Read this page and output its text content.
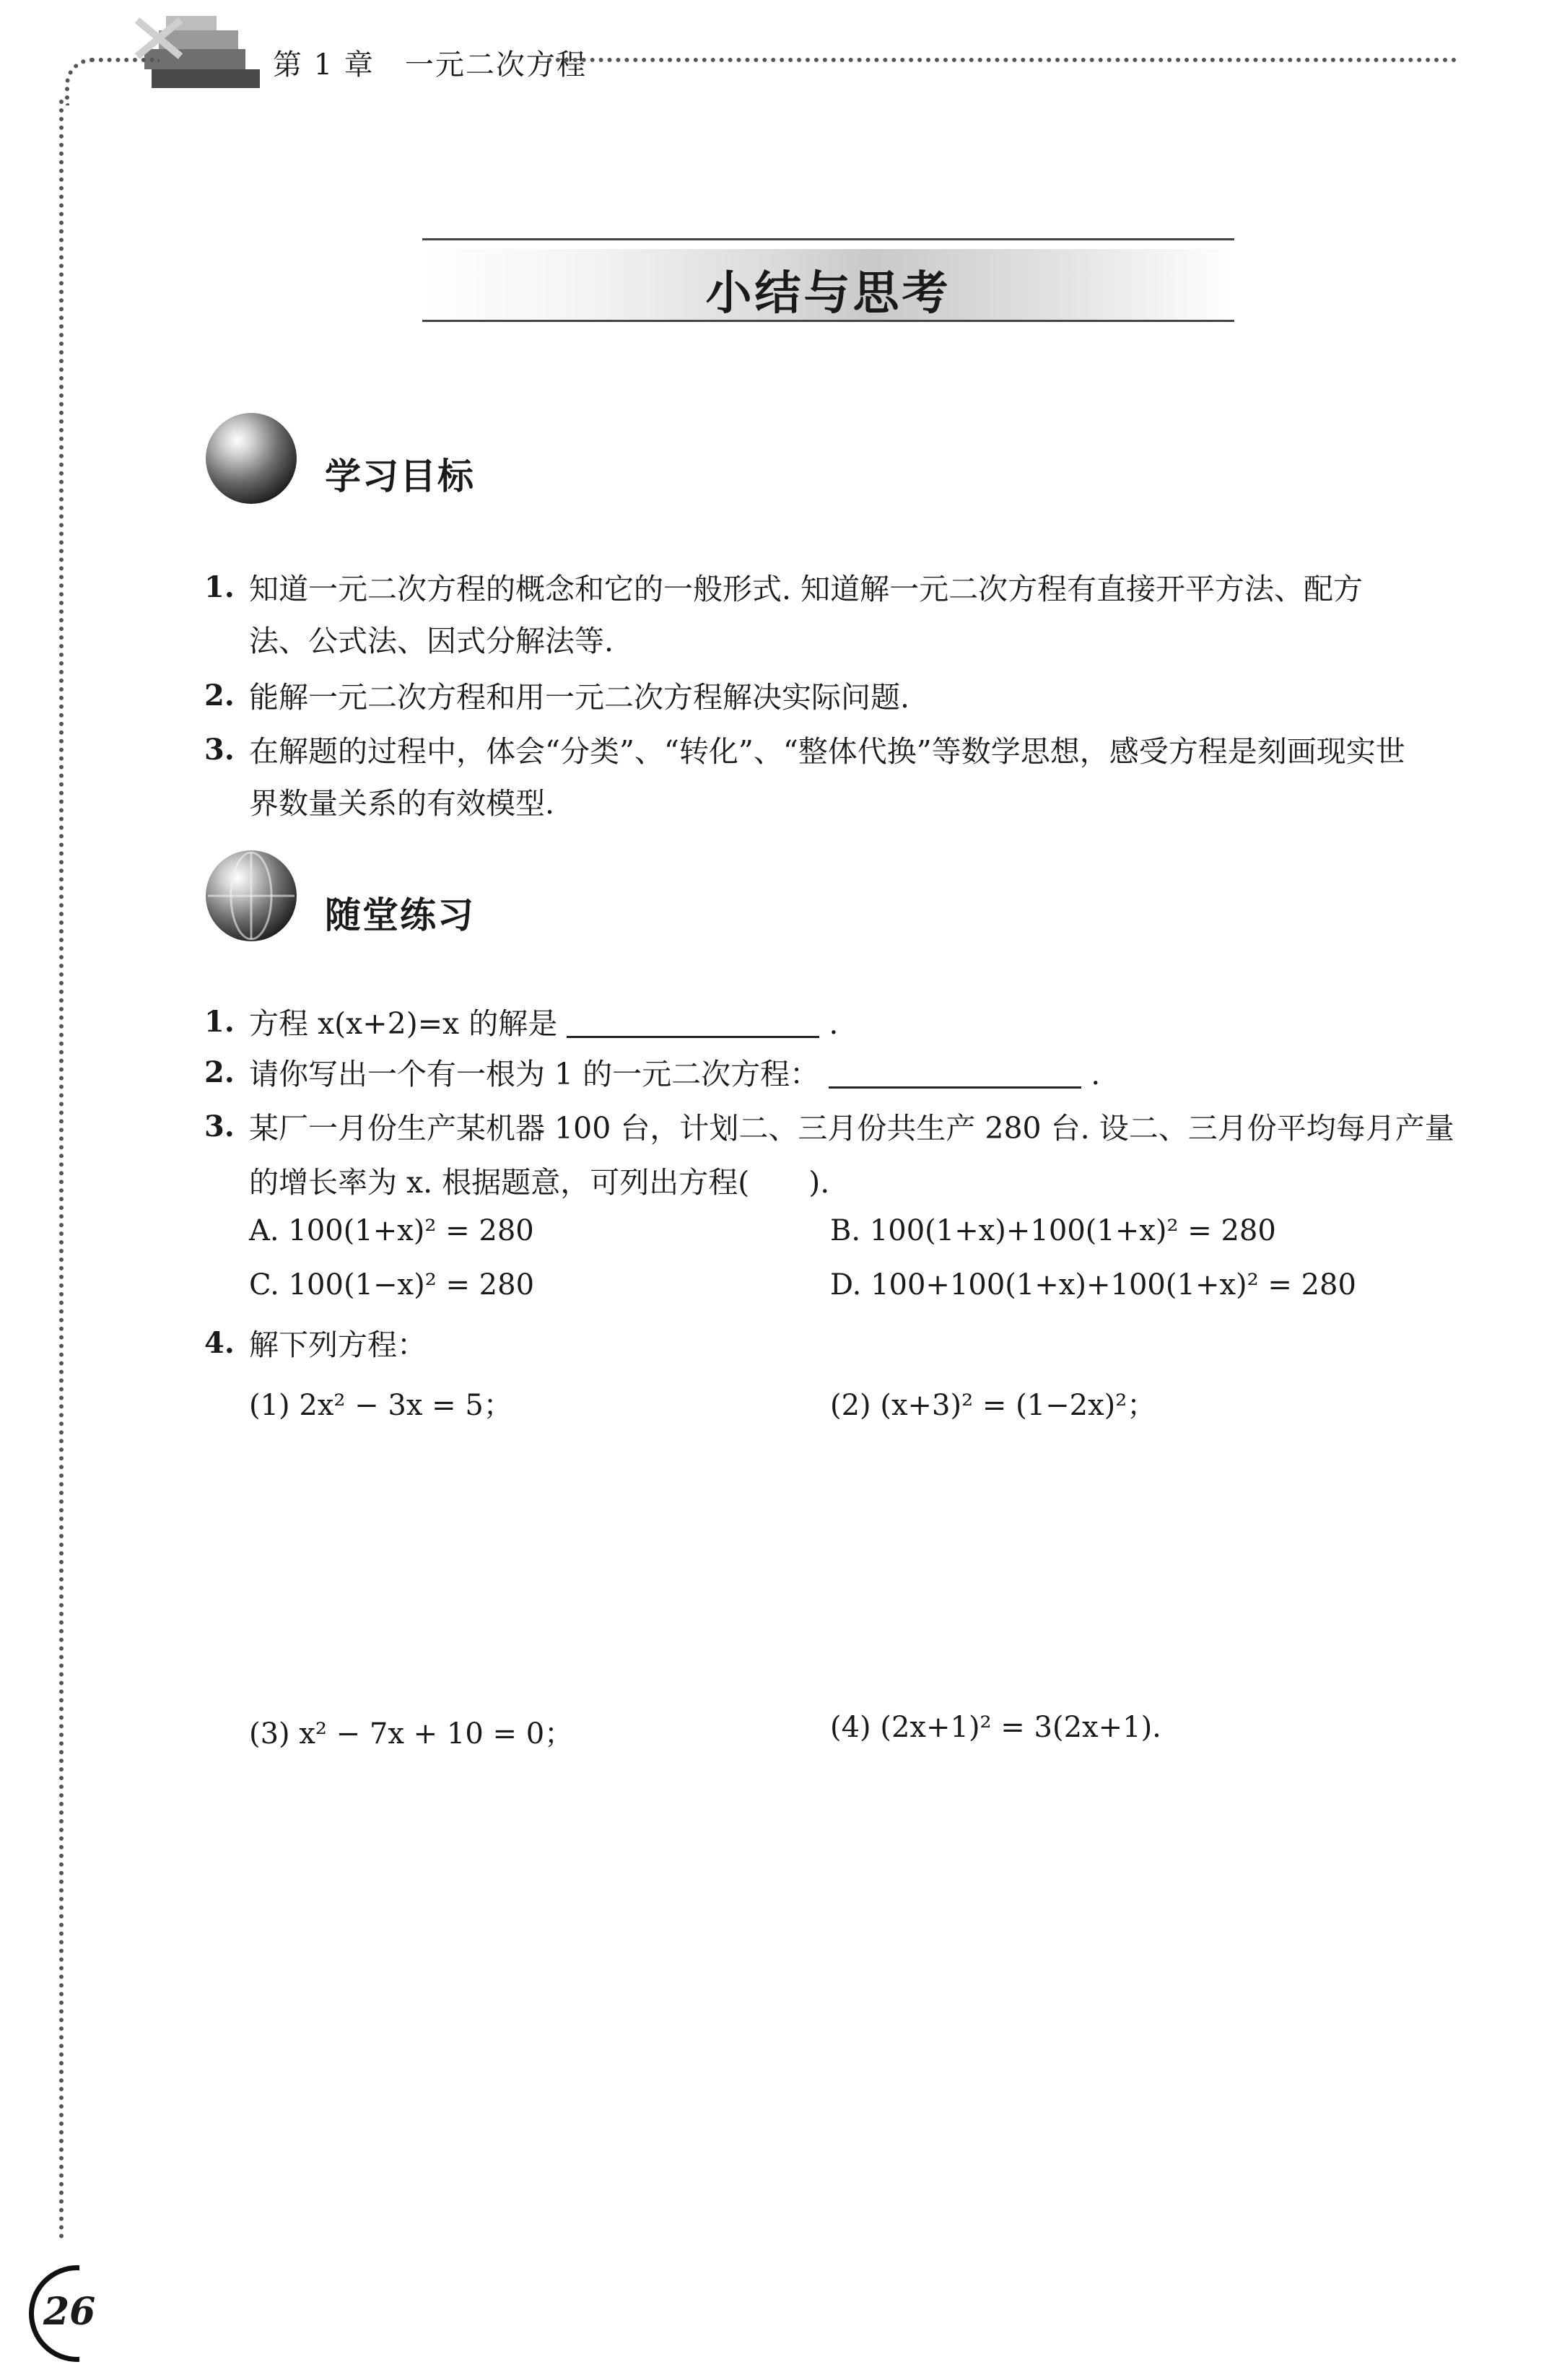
第 1 章　一元二次方程
小结与思考
学习目标
1. 知道一元二次方程的概念和它的一般形式. 知道解一元二次方程有直接开平方法、配方
法、公式法、因式分解法等.
2. 能解一元二次方程和用一元二次方程解决实际问题.
3. 在解题的过程中，体会“分类”、“转化”、“整体代换”等数学思想，感受方程是刻画现实世
界数量关系的有效模型.
随堂练习
1. 方程 x(x+2)=x 的解是	.
2. 请你写出一个有一根为 1 的一元二次方程：	.
3. 某厂一月份生产某机器 100 台，计划二、三月份共生产 280 台. 设二、三月份平均每月产量
的增长率为 x. 根据题意，可列出方程(　　).
A. 100(1+x)² = 280	B. 100(1+x)+100(1+x)² = 280
C. 100(1−x)² = 280	D. 100+100(1+x)+100(1+x)² = 280
4. 解下列方程：
(1) 2x² − 3x = 5；	(2) (x+3)² = (1−2x)²；
(3) x² − 7x + 10 = 0；	(4) (2x+1)² = 3(2x+1).
26
